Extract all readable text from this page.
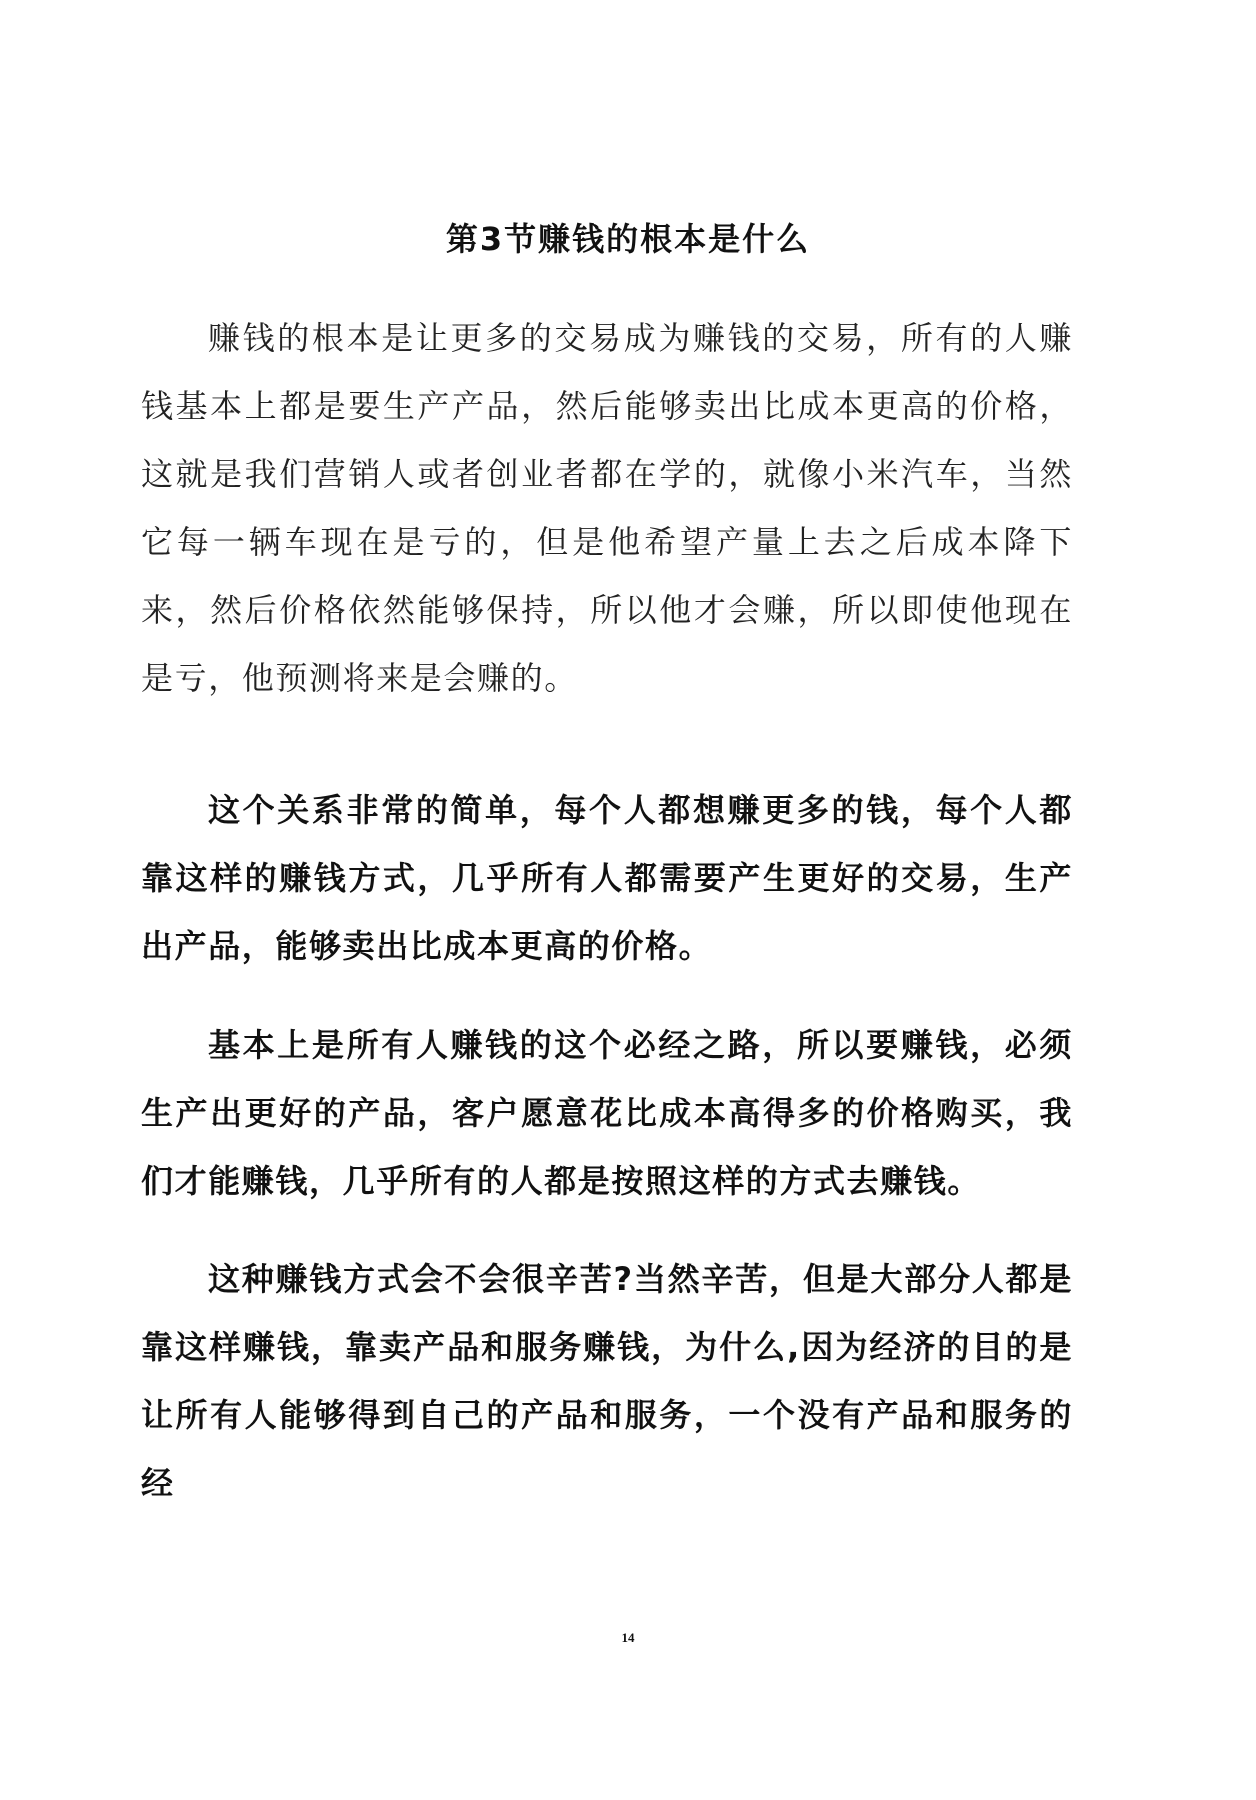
第3节赚钱的根本是什么

赚钱的根本是让更多的交易成为赚钱的交易，所有的人赚钱基本上都是要生产产品，然后能够卖出比成本更高的价格，这就是我们营销人或者创业者都在学的，就像小米汽车，当然它每一辆车现在是亏的，但是他希望产量上去之后成本降下来，然后价格依然能够保持，所以他才会赚，所以即使他现在是亏，他预测将来是会赚的。

这个关系非常的简单，每个人都想赚更多的钱，每个人都靠这样的赚钱方式，几乎所有人都需要产生更好的交易，生产出产品，能够卖出比成本更高的价格。

基本上是所有人赚钱的这个必经之路，所以要赚钱，必须生产出更好的产品，客户愿意花比成本高得多的价格购买，我们才能赚钱，几乎所有的人都是按照这样的方式去赚钱。

这种赚钱方式会不会很辛苦?当然辛苦，但是大部分人都是靠这样赚钱，靠卖产品和服务赚钱，为什么,因为经济的目的是让所有人能够得到自己的产品和服务，一个没有产品和服务的经

14
